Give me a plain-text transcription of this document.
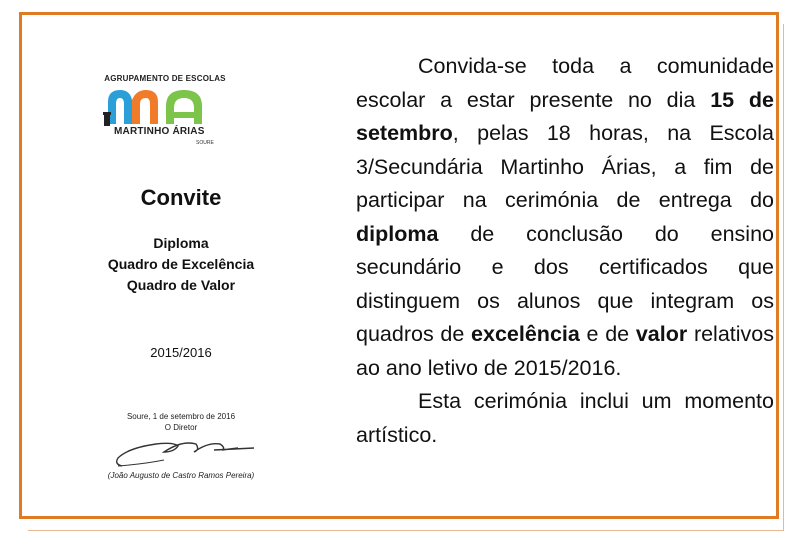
AGRUPAMENTO DE ESCOLAS
MARTINHO ÁRIAS
SOURE
Convite
Diploma
Quadro de Excelência
Quadro de Valor
2015/2016
Soure, 1 de setembro de 2016
O Diretor
(João Augusto de Castro Ramos Pereira)

Convida-se toda a comunidade escolar a estar presente no dia 15 de setembro, pelas 18 horas, na Escola 3/Secundária Martinho Árias, a fim de participar na cerimónia de entrega do diploma de conclusão do ensino secundário e dos certificados que distinguem os alunos que integram os quadros de excelência e de valor relativos ao ano letivo de 2015/2016.

Esta cerimónia inclui um momento artístico.
